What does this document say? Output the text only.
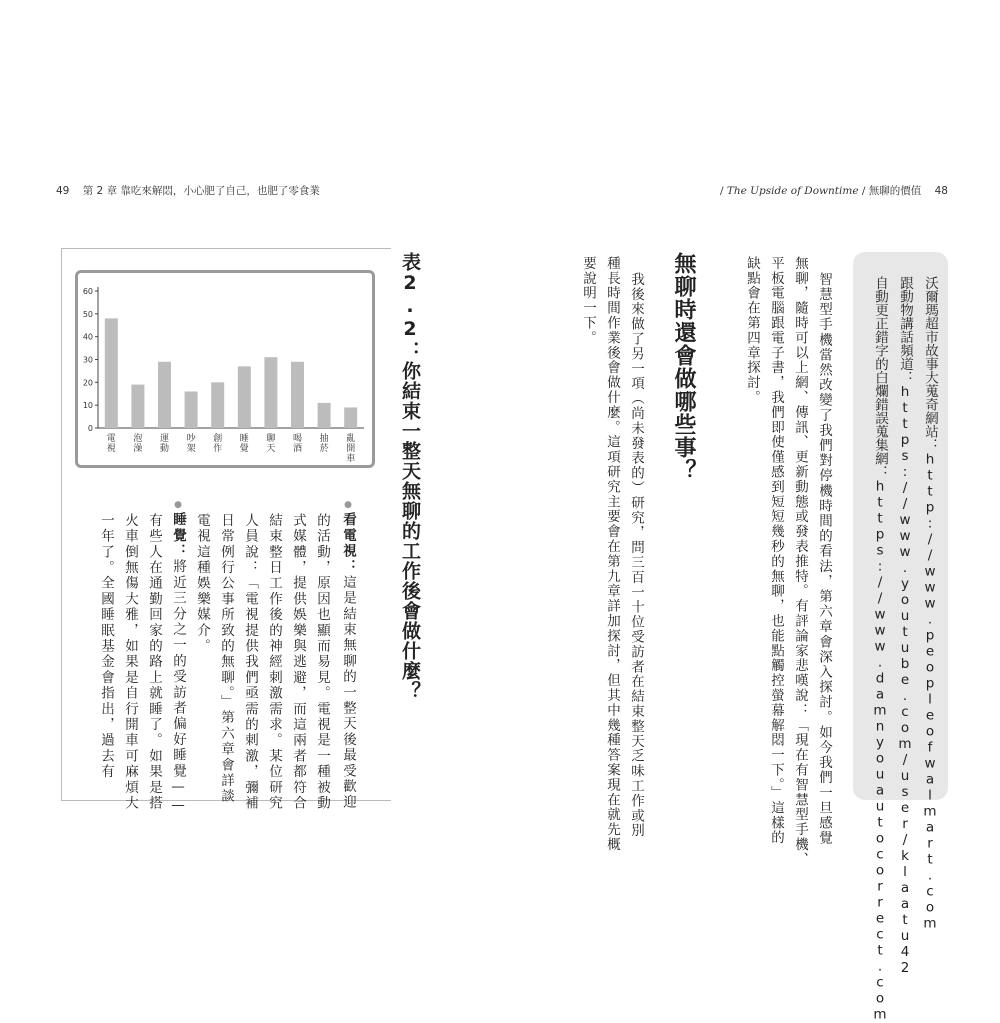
49 第 2 章 靠吃來解悶，小心肥了自己，也肥了零食業	/ The Upside of Downtime / 無聊的價值 48
0
10
20
30
40
50
60
電視
泡澡
運動
吵架
創作
睡覺
聊天
喝酒
抽菸
亂開車 表2.2：你結束一整天無聊的工作後會做什麼？
●看電視：這是結束無聊的一整天後最受歡迎
的活動，原因也顯而易見。電視是一種被動
式媒體，提供娛樂與逃避，而這兩者都符合
結束整日工作後的神經刺激需求。某位研究
人員說：「電視提供我們亟需的刺激，彌補
日常例行公事所致的無聊。」第六章會詳談
電視這種娛樂媒介。
●睡覺：將近三分之一的受訪者偏好睡覺——
有些人在通勤回家的路上就睡了。如果是搭
火車倒無傷大雅，如果是自行開車可麻煩大
一年了。全國睡眠基金會指出，過去有
沃爾瑪超市故事大蒐奇網站：http://www.peopleofwalmart.com
跟動物講話頻道：https://www.youtube.com/user/klaatu42
自動更正錯字的白爛錯誤蒐集網：https://www.damnyouautocorrect.com
智慧型手機當然改變了我們對停機時間的看法，第六章會深入探討。如今我們一旦感覺
無聊，隨時可以上網、傳訊、更新動態或發表推特。有評論家悲嘆說：「現在有智慧型手機、
平板電腦跟電子書，我們即使僅感到短短幾秒的無聊，也能點觸控螢幕解悶一下。」這樣的
缺點會在第四章探討。
無聊時還會做哪些事？
我後來做了另一項（尚未發表的）研究，問三百一十位受訪者在結束整天乏味工作或別
種長時間作業後會做什麼。這項研究主要會在第九章詳加探討，但其中幾種答案現在就先概
要說明一下。
